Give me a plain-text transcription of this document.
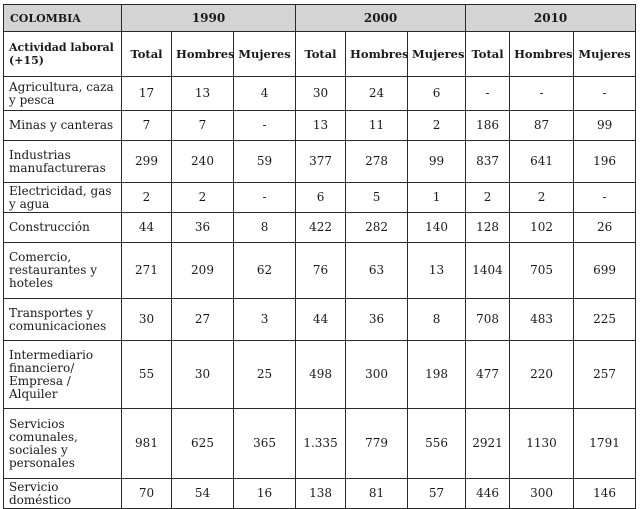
COLOMBIA	1990			2000			2010		
Actividad laboral (+15)	Total	Hombres	Mujeres	Total	Hombres	Mujeres	Total	Hombres	Mujeres
Agricultura, caza y pesca	17	13	4	30	24	6	-	-	-
Minas y canteras	7	7	-	13	11	2	186	87	99
Industrias manufactureras	299	240	59	377	278	99	837	641	196
Electricidad, gas y agua	2	2	-	6	5	1	2	2	-
Construcción	44	36	8	422	282	140	128	102	26
Comercio, restaurantes y hoteles	271	209	62	76	63	13	1404	705	699
Transportes y comunicaciones	30	27	3	44	36	8	708	483	225
Intermediario financiero/ Empresa / Alquiler	55	30	25	498	300	198	477	220	257
Servicios comunales, sociales y personales	981	625	365	1.335	779	556	2921	1130	1791
Servicio doméstico	70	54	16	138	81	57	446	300	146
